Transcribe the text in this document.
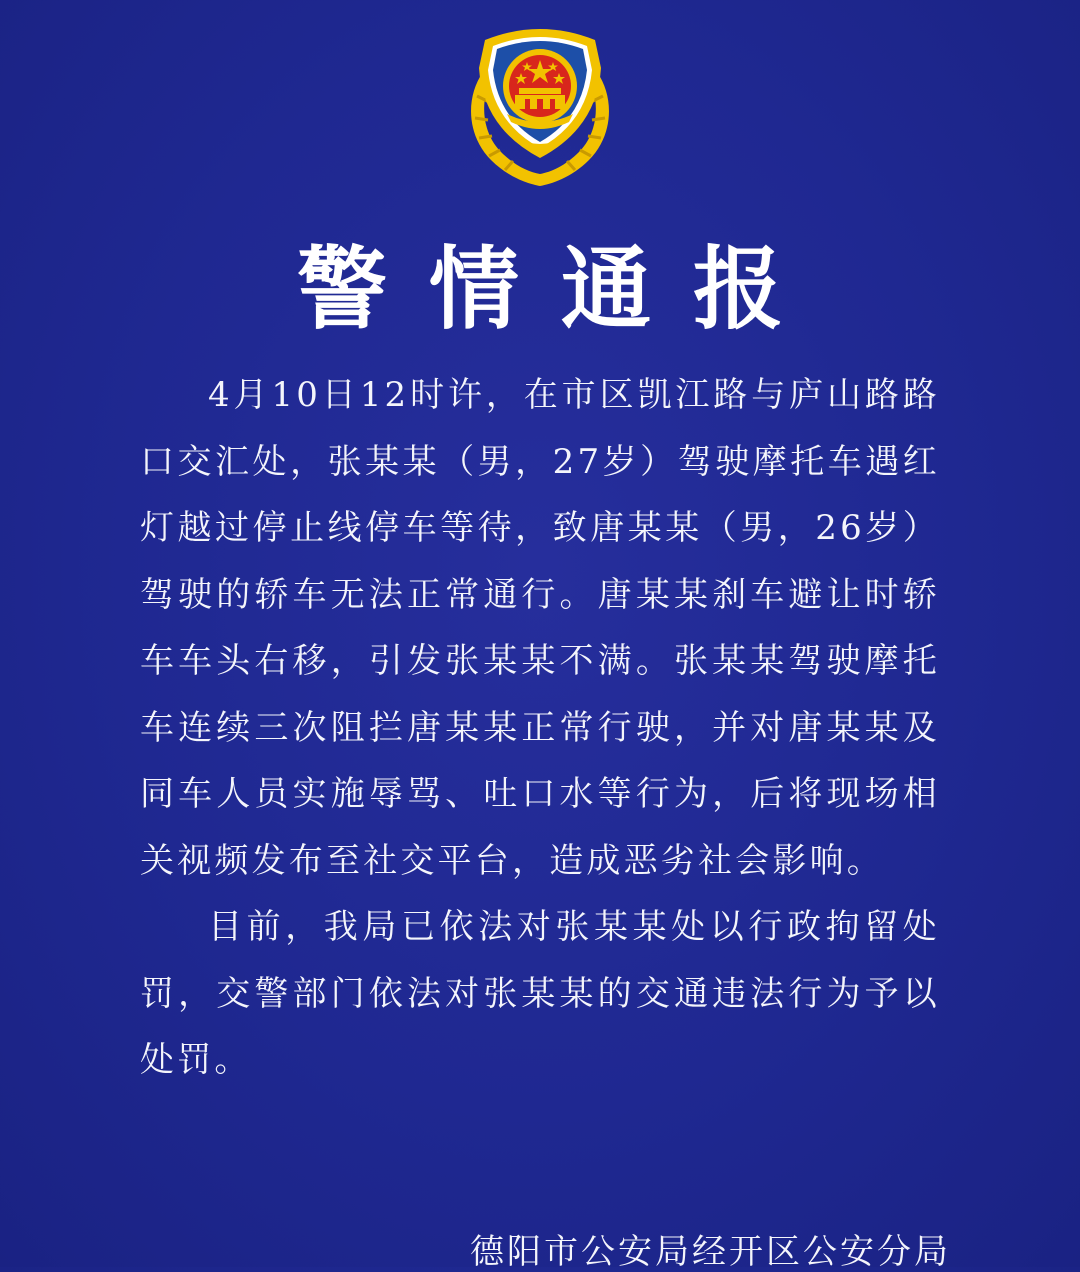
警情通报

4月10日12时许，在市区凯江路与庐山路路口交汇处，张某某（男，27岁）驾驶摩托车遇红灯越过停止线停车等待，致唐某某（男，26岁）驾驶的轿车无法正常通行。唐某某刹车避让时轿车车头右移，引发张某某不满。张某某驾驶摩托车连续三次阻拦唐某某正常行驶，并对唐某某及同车人员实施辱骂、吐口水等行为，后将现场相关视频发布至社交平台，造成恶劣社会影响。

目前，我局已依法对张某某处以行政拘留处罚，交警部门依法对张某某的交通违法行为予以处罚。

德阳市公安局经开区公安分局
